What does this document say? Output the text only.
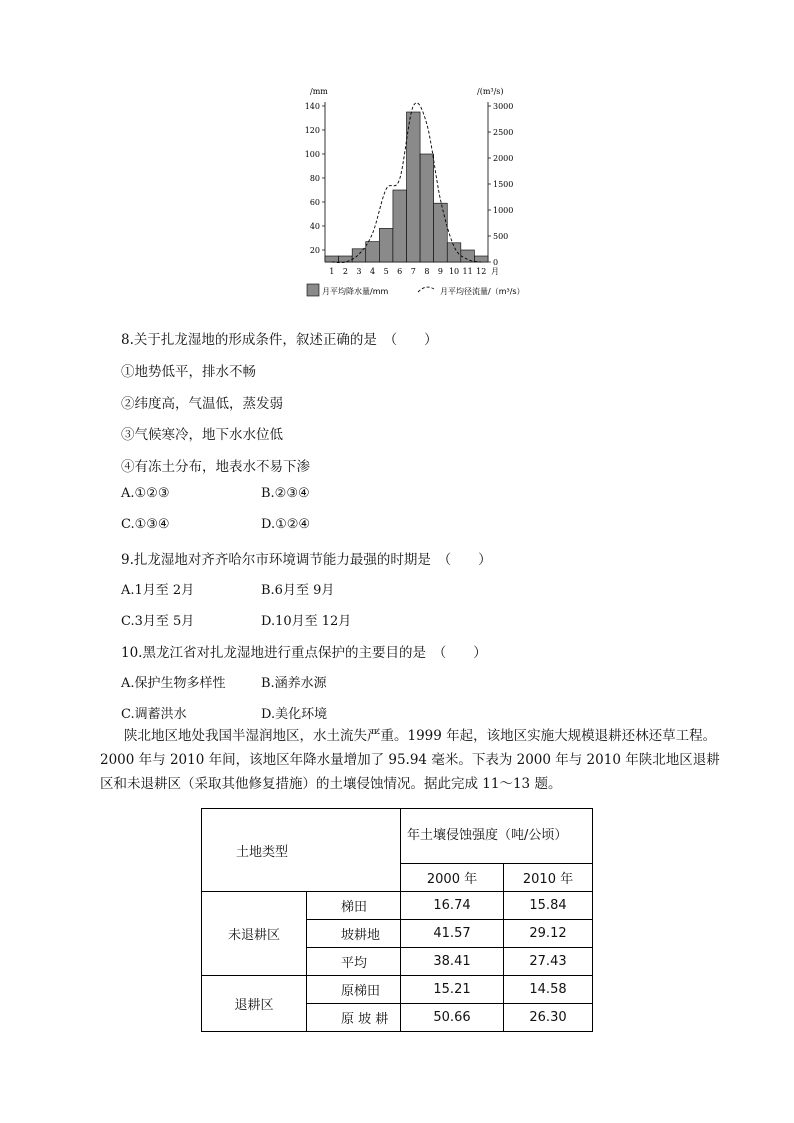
/mm	/(m³/s)
20
40
60
80
100
120
140
0
500
1000
1500
2000
2500
3000
1 2 3 4 5 6 7 8 9 10 11 12 月
月平均降水量/mm	月平均径流量/（m³/s）
8.关于扎龙湿地的形成条件，叙述正确的是　（　　）
①地势低平，排水不畅
②纬度高，气温低，蒸发弱
③气候寒冷，地下水水位低
④有冻土分布，地表水不易下渗
A.①②③	B.②③④
C.①③④	D.①②④
9.扎龙湿地对齐齐哈尔市环境调节能力最强的时期是　（　　）
A.1月至 2月	B.6月至 9月
C.3月至 5月	D.10月至 12月
10.黑龙江省对扎龙湿地进行重点保护的主要目的是　（　　）
A.保护生物多样性	B.涵养水源
C.调蓄洪水	D.美化环境

陕北地区地处我国半湿润地区，水土流失严重。1999 年起，该地区实施大规模退耕还林还草工程。2000 年与 2010 年间，该地区年降水量增加了 95.94 毫米。下表为 2000 年与 2010 年陕北地区退耕区和未退耕区（采取其他修复措施）的土壤侵蚀情况。据此完成 11～13 题。

土地类型		年土壤侵蚀强度（吨/公顷）	
		2000 年	2010 年
未退耕区	梯田	16.74	15.84
	坡耕地	41.57	29.12
	平均	38.41	27.43
退耕区	原梯田	15.21	14.58
	原 坡 耕	50.66	26.30
